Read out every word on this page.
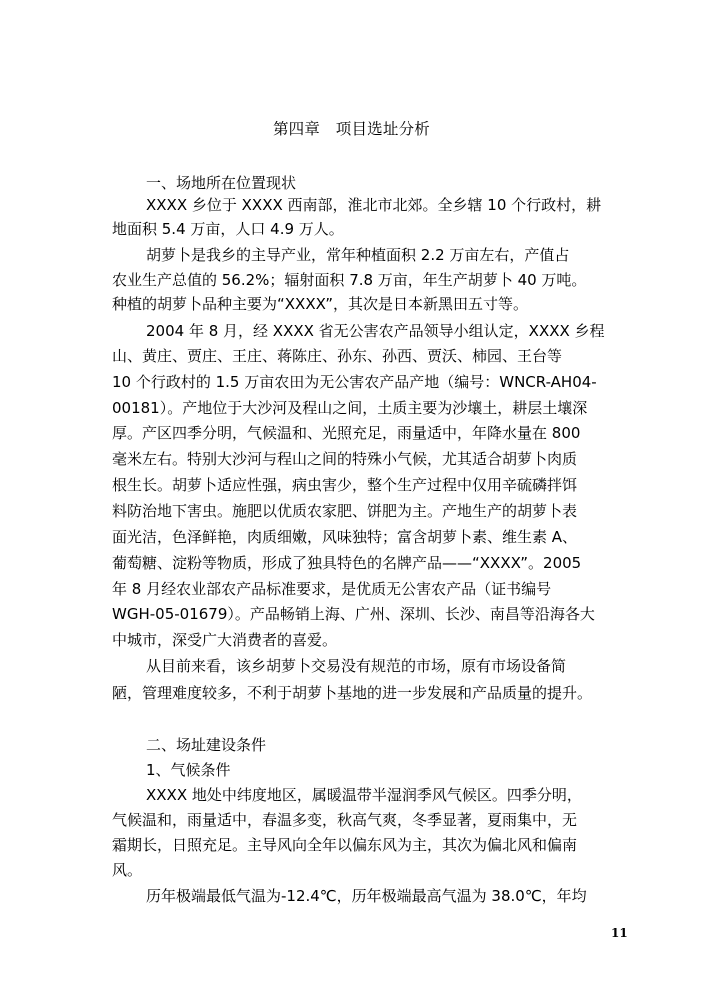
第四章　项目选址分析
一、场地所在位置现状
XXXX 乡位于 XXXX 西南部，淮北市北郊。全乡辖 10 个行政村，耕
地面积 5.4 万亩，人口 4.9 万人。
胡萝卜是我乡的主导产业，常年种植面积 2.2 万亩左右，产值占
农业生产总值的 56.2%；辐射面积 7.8 万亩，年生产胡萝卜 40 万吨。
种植的胡萝卜品种主要为“XXXX”，其次是日本新黑田五寸等。
2004 年 8 月，经 XXXX 省无公害农产品领导小组认定，XXXX 乡程
山、黄庄、贾庄、王庄、蒋陈庄、孙东、孙西、贾沃、柿园、王台等
10 个行政村的 1.5 万亩农田为无公害农产品产地（编号：WNCR-AH04-
00181）。产地位于大沙河及程山之间，土质主要为沙壤土，耕层土壤深
厚。产区四季分明，气候温和、光照充足，雨量适中，年降水量在 800
毫米左右。特别大沙河与程山之间的特殊小气候，尤其适合胡萝卜肉质
根生长。胡萝卜适应性强，病虫害少，整个生产过程中仅用辛硫磷拌饵
料防治地下害虫。施肥以优质农家肥、饼肥为主。产地生产的胡萝卜表
面光洁，色泽鲜艳，肉质细嫩，风味独特；富含胡萝卜素、维生素 A、
葡萄糖、淀粉等物质，形成了独具特色的名牌产品——“XXXX”。2005
年 8 月经农业部农产品标准要求，是优质无公害农产品（证书编号
WGH-05-01679）。产品畅销上海、广州、深圳、长沙、南昌等沿海各大
中城市，深受广大消费者的喜爱。
从目前来看，该乡胡萝卜交易没有规范的市场，原有市场设备简
陋，管理难度较多，不利于胡萝卜基地的进一步发展和产品质量的提升。
二、场址建设条件
1、气候条件
XXXX 地处中纬度地区，属暖温带半湿润季风气候区。四季分明，
气候温和，雨量适中，春温多变，秋高气爽，冬季显著，夏雨集中，无
霜期长，日照充足。主导风向全年以偏东风为主，其次为偏北风和偏南
风。
历年极端最低气温为-12.4℃，历年极端最高气温为 38.0℃，年均
11
